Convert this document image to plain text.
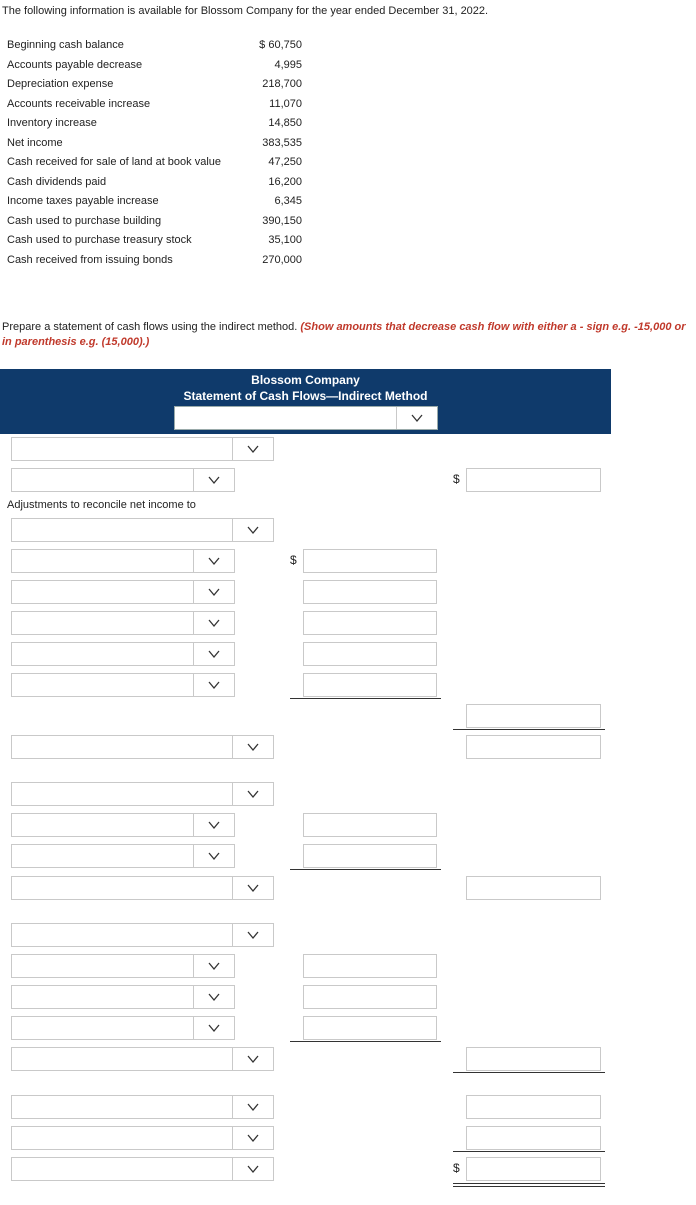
The following information is available for Blossom Company for the year ended December 31, 2022.
Beginning cash balance	$ 60,750
Accounts payable decrease	4,995
Depreciation expense	218,700
Accounts receivable increase	11,070
Inventory increase	14,850
Net income	383,535
Cash received for sale of land at book value	47,250
Cash dividends paid	16,200
Income taxes payable increase	6,345
Cash used to purchase building	390,150
Cash used to purchase treasury stock	35,100
Cash received from issuing bonds	270,000
Prepare a statement of cash flows using the indirect method. (Show amounts that decrease cash flow with either a - sign e.g. -15,000 or in parenthesis e.g. (15,000).)
Blossom Company
Statement of Cash Flows—Indirect Method
$
Adjustments to reconcile net income to
$
$
